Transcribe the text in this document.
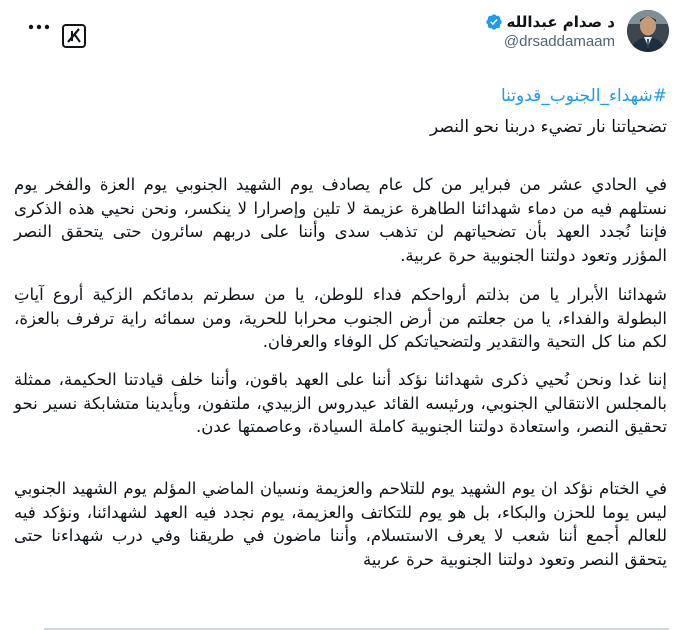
د صدام عبدالله
@drsaddamaam
#شهداء_الجنوب_قدوتنا
تضحياتنا نار تضيء دربنا نحو النصر
في الحادي عشر من فبراير من كل عام يصادف يوم الشهيد الجنوبي يوم العزة والفخر يوم نستلهم فيه من دماء شهدائنا الطاهرة عزيمة لا تلين وإصرارا لا ينكسر، ونحن نحيي هذه الذكرى فإننا نُجدد العهد بأن تضحياتهم لن تذهب سدى وأننا على دربهم سائرون حتى يتحقق النصر المؤزر وتعود دولتنا الجنوبية حرة عربية.
شهدائنا الأبرار يا من بذلتم أرواحكم فداء للوطن، يا من سطرتم بدمائكم الزكية أروع آياتِ البطولة والفداء، يا من جعلتم من أرض الجنوب محرابا للحرية، ومن سمائه راية ترفرف بالعزة، لكم منا كل التحية والتقدير ولتضحياتكم كل الوفاء والعرفان.
إننا غدا ونحن نُحيي ذكرى شهدائنا نؤكد أننا على العهد باقون، وأننا خلف قيادتنا الحكيمة، ممثلة بالمجلس الانتقالي الجنوبي، ورئيسه القائد عيدروس الزبيدي، ملتفون، وبأيدينا متشابكة نسير نحو تحقيق النصر، واستعادة دولتنا الجنوبية كاملة السيادة، وعاصمتها عدن.
في الختام نؤكد ان يوم الشهيد يوم للتلاحم والعزيمة ونسيان الماضي المؤلم يوم الشهيد الجنوبي ليس يوما للحزن والبكاء، بل هو يوم للتكاتف والعزيمة، يوم نجدد فيه العهد لشهدائنا، ونؤكد فيه للعالم أجمع أننا شعب لا يعرف الاستسلام، وأننا ماضون في طريقنا وفي درب شهداءنا حتى يتحقق النصر وتعود دولتنا الجنوبية حرة عربية
